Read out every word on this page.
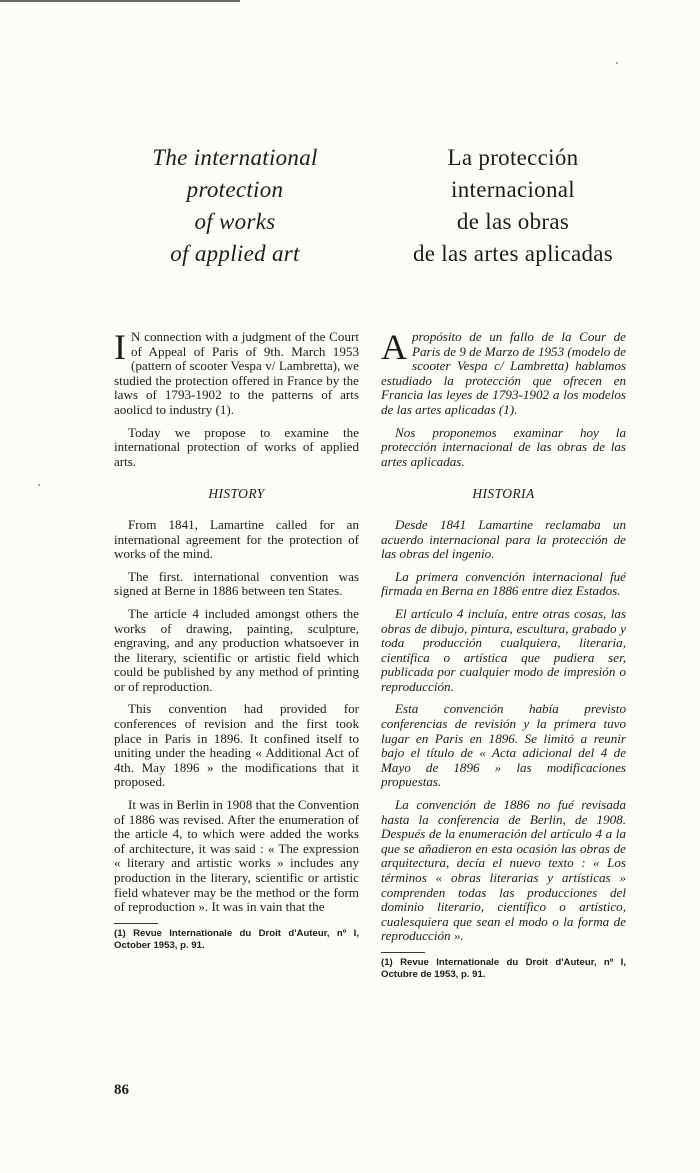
The international
protection
of works
of applied art
La protección
internacional
de las obras
de las artes aplicadas

I N connection with a judgment of the Court of Appeal of Paris of 9th. March 1953 (pattern of scooter Vespa v/ Lambretta), we studied the protection offered in France by the laws of 1793-1902 to the patterns of arts aoolicd to industry (1).

Today we propose to examine the international protection of works of applied arts.

HISTORY

From 1841, Lamartine called for an international agreement for the protection of works of the mind.

The first. international convention was signed at Berne in 1886 between ten States.

The article 4 included amongst others the works of drawing, painting, sculpture, engraving, and any production whatsoever in the literary, scientific or artistic field which could be published by any method of printing or of reproduction.

This convention had provided for conferences of revision and the first took place in Paris in 1896. It confined itself to uniting under the heading « Additional Act of 4th. May 1896 » the modifications that it proposed.

It was in Berlin in 1908 that the Convention of 1886 was revised. After the enumeration of the article 4, to which were added the works of architecture, it was said : « The expression « literary and artistic works » includes any production in the literary, scientific or artistic field whatever may be the method or the form of reproduction ». It was in vain that the

(1) Revue Internationale du Droit d'Auteur, nº I, October 1953, p. 91.

Apropósito de un fallo de la Cour de Paris de 9 de Marzo de 1953 (modelo de scooter Vespa c/ Lambretta) hablamos estudiado la protección que ofrecen en Francia las leyes de 1793-1902 a los modelos de las artes aplicadas (1).

Nos proponemos examinar hoy la protección internacional de las obras de las artes aplicadas.

HISTORIA

Desde 1841 Lamartine reclamaba un acuerdo internacional para la protección de las obras del ingenio.

La primera convención internacional fué firmada en Berna en 1886 entre diez Estados.

El artículo 4 incluía, entre otras cosas, las obras de dibujo, pintura, escultura, grabado y toda producción cualquiera, literaria, científica o artística que pudiera ser, publicada por cualquier modo de impresión o reproducción.

Esta convención había previsto conferencias de revisión y la primera tuvo lugar en Paris en 1896. Se limitó a reunir bajo el título de « Acta adicional del 4 de Mayo de 1896 » las modificaciones propuestas.

La convención de 1886 no fué revisada hasta la conferencia de Berlin, de 1908. Después de la enumeración del artículo 4 a la que se añadieron en esta ocasión las obras de arquitectura, decía el nuevo texto : « Los términos « obras literarias y artísticas » comprenden todas las producciones del dominio literario, científico o artístico, cualesquiera que sean el modo o la forma de reproducción ».

(1) Revue Internationale du Droit d'Auteur, nº I, Octubre de 1953, p. 91.
86
